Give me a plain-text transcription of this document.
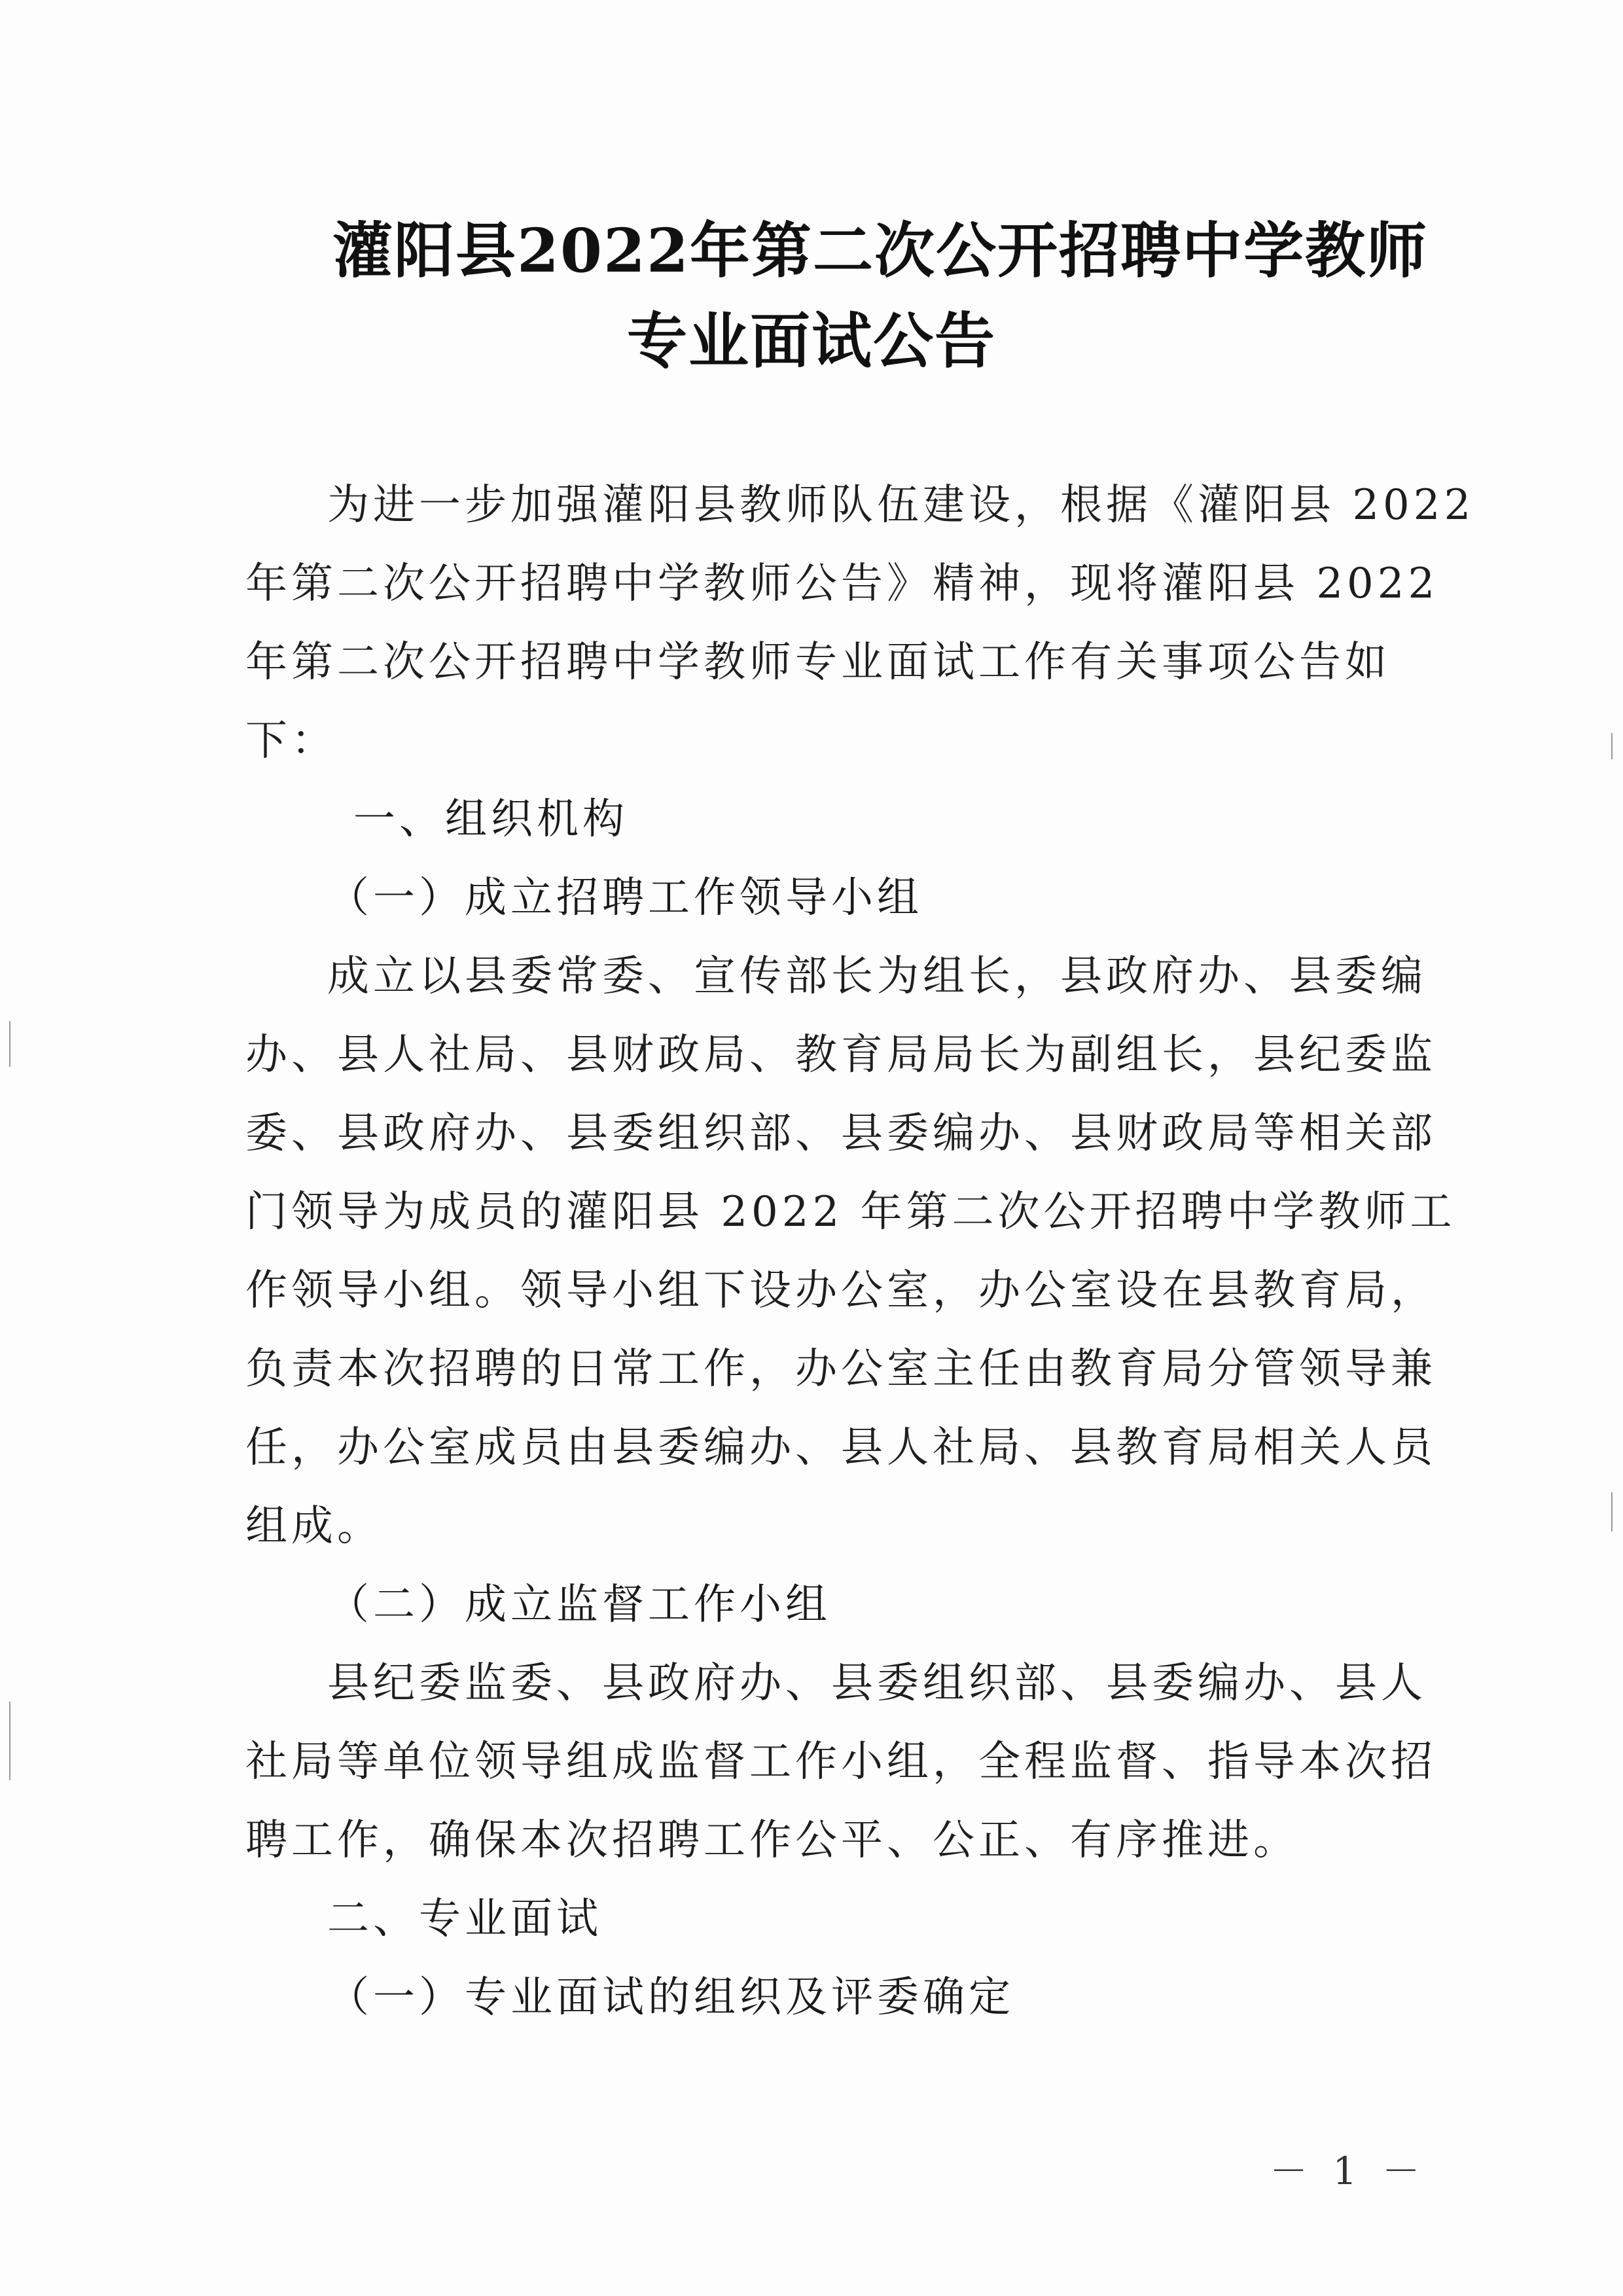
灌阳县2022年第二次公开招聘中学教师
专业面试公告
为进一步加强灌阳县教师队伍建设，根据《灌阳县 2022
年第二次公开招聘中学教师公告》精神，现将灌阳县 2022
年第二次公开招聘中学教师专业面试工作有关事项公告如
下：
一、组织机构
（一）成立招聘工作领导小组
成立以县委常委、宣传部长为组长，县政府办、县委编
办、县人社局、县财政局、教育局局长为副组长，县纪委监
委、县政府办、县委组织部、县委编办、县财政局等相关部
门领导为成员的灌阳县 2022 年第二次公开招聘中学教师工
作领导小组。领导小组下设办公室，办公室设在县教育局，
负责本次招聘的日常工作，办公室主任由教育局分管领导兼
任，办公室成员由县委编办、县人社局、县教育局相关人员
组成。
（二）成立监督工作小组
县纪委监委、县政府办、县委组织部、县委编办、县人
社局等单位领导组成监督工作小组，全程监督、指导本次招
聘工作，确保本次招聘工作公平、公正、有序推进。
二、专业面试
（一）专业面试的组织及评委确定
－ 1 －
